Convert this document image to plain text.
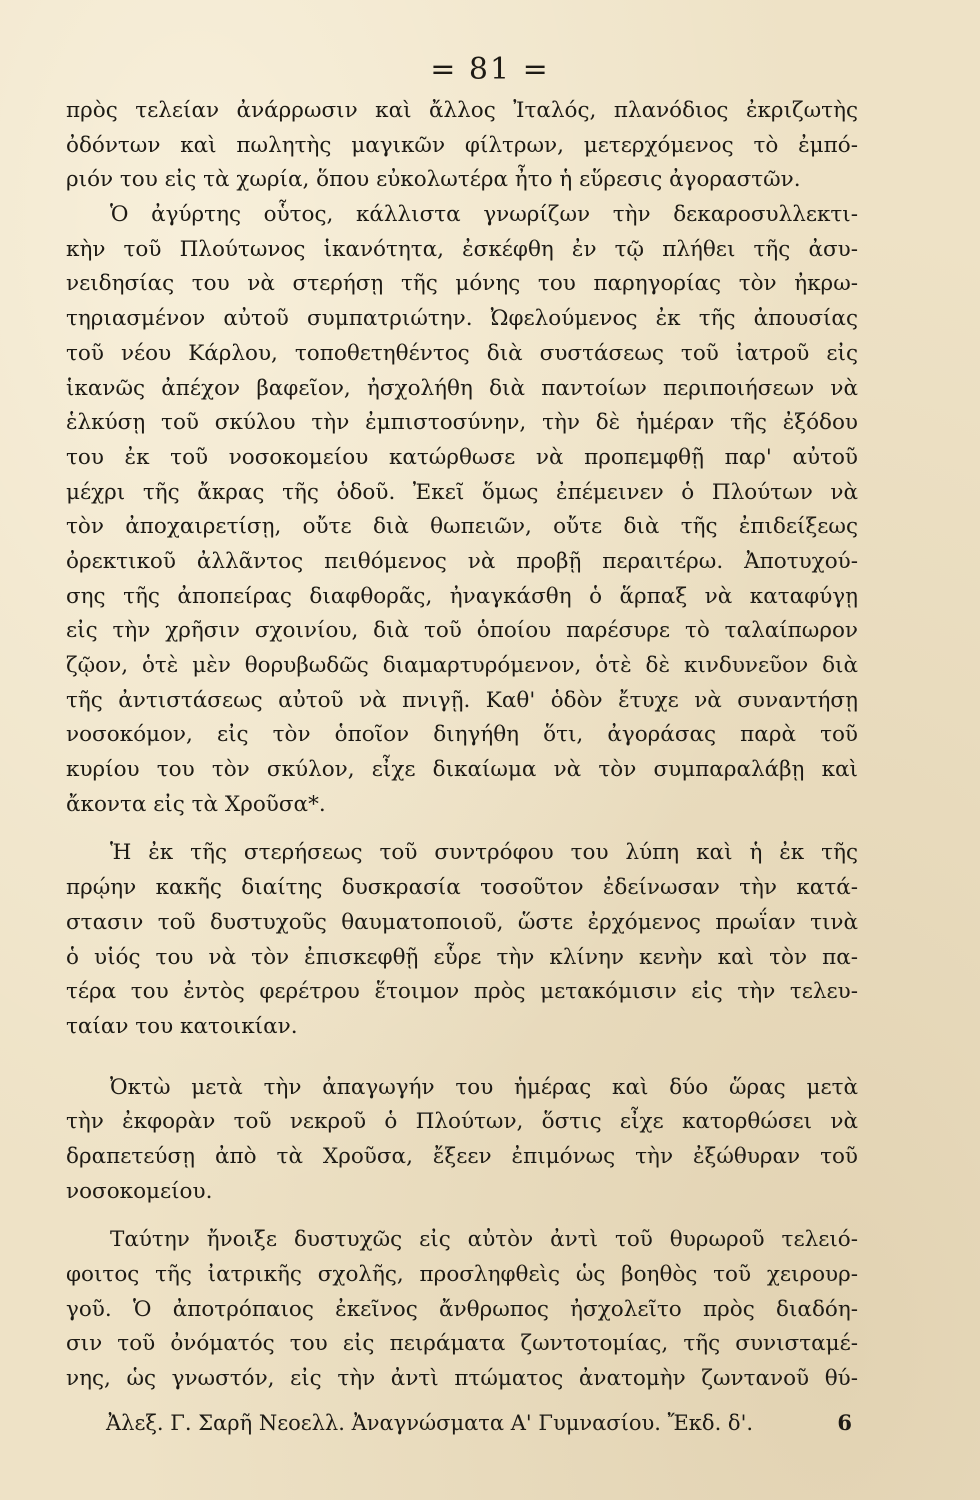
= 81 =
πρὸς τελείαν ἀνάρρωσιν καὶ ἄλλος Ἰταλός, πλανόδιος ἐκριζωτὴς
ὀδόντων καὶ πωλητὴς μαγικῶν φίλτρων, μετερχόμενος τὸ ἐμπό-
ριόν του εἰς τὰ χωρία, ὅπου εὐκολωτέρα ἦτο ἡ εὕρεσις ἀγοραστῶν.
Ὁ ἀγύρτης οὗτος, κάλλιστα γνωρίζων τὴν δεκαροσυλλεκτι-
κὴν τοῦ Πλούτωνος ἱκανότητα, ἐσκέφθη ἐν τῷ πλήθει τῆς ἀσυ-
νειδησίας του νὰ στερήσῃ τῆς μόνης του παρηγορίας τὸν ἠκρω-
τηριασμένον αὐτοῦ συμπατριώτην. Ὠφελούμενος ἐκ τῆς ἀπουσίας
τοῦ νέου Κάρλου, τοποθετηθέντος διὰ συστάσεως τοῦ ἰατροῦ εἰς
ἱκανῶς ἀπέχον βαφεῖον, ἠσχολήθη διὰ παντοίων περιποιήσεων νὰ
ἑλκύσῃ τοῦ σκύλου τὴν ἐμπιστοσύνην, τὴν δὲ ἡμέραν τῆς ἐξόδου
του ἐκ τοῦ νοσοκομείου κατώρθωσε νὰ προπεμφθῇ παρ' αὐτοῦ
μέχρι τῆς ἄκρας τῆς ὁδοῦ. Ἐκεῖ ὅμως ἐπέμεινεν ὁ Πλούτων νὰ
τὸν ἀποχαιρετίσῃ, οὔτε διὰ θωπειῶν, οὔτε διὰ τῆς ἐπιδείξεως
ὀρεκτικοῦ ἀλλᾶντος πειθόμενος νὰ προβῇ περαιτέρω. Ἀποτυχού-
σης τῆς ἀποπείρας διαφθορᾶς, ἠναγκάσθη ὁ ἅρπαξ νὰ καταφύγῃ
εἰς τὴν χρῆσιν σχοινίου, διὰ τοῦ ὁποίου παρέσυρε τὸ ταλαίπωρον
ζῷον, ὁτὲ μὲν θορυβωδῶς διαμαρτυρόμενον, ὁτὲ δὲ κινδυνεῦον διὰ
τῆς ἀντιστάσεως αὐτοῦ νὰ πνιγῇ. Καθ' ὁδὸν ἔτυχε νὰ συναντήσῃ
νοσοκόμον, εἰς τὸν ὁποῖον διηγήθη ὅτι, ἀγοράσας παρὰ τοῦ
κυρίου του τὸν σκύλον, εἶχε δικαίωμα νὰ τὸν συμπαραλάβῃ καὶ
ἄκοντα εἰς τὰ Χροῦσα*.
Ἡ ἐκ τῆς στερήσεως τοῦ συντρόφου του λύπη καὶ ἡ ἐκ τῆς
πρῴην κακῆς διαίτης δυσκρασία τοσοῦτον ἐδείνωσαν τὴν κατά-
στασιν τοῦ δυστυχοῦς θαυματοποιοῦ, ὥστε ἐρχόμενος πρωΐαν τινὰ
ὁ υἱός του νὰ τὸν ἐπισκεφθῇ εὗρε τὴν κλίνην κενὴν καὶ τὸν πα-
τέρα του ἐντὸς φερέτρου ἕτοιμον πρὸς μετακόμισιν εἰς τὴν τελευ-
ταίαν του κατοικίαν.
Ὀκτὼ μετὰ τὴν ἀπαγωγήν του ἡμέρας καὶ δύο ὥρας μετὰ
τὴν ἐκφορὰν τοῦ νεκροῦ ὁ Πλούτων, ὅστις εἶχε κατορθώσει νὰ
δραπετεύσῃ ἀπὸ τὰ Χροῦσα, ἔξεεν ἐπιμόνως τὴν ἐξώθυραν τοῦ
νοσοκομείου.
Ταύτην ἤνοιξε δυστυχῶς εἰς αὐτὸν ἀντὶ τοῦ θυρωροῦ τελειό-
φοιτος τῆς ἰατρικῆς σχολῆς, προσληφθεὶς ὡς βοηθὸς τοῦ χειρουρ-
γοῦ. Ὁ ἀποτρόπαιος ἐκεῖνος ἄνθρωπος ἠσχολεῖτο πρὸς διαδόη-
σιν τοῦ ὀνόματός του εἰς πειράματα ζωντοτομίας, τῆς συνισταμέ-
νης, ὡς γνωστόν, εἰς τὴν ἀντὶ πτώματος ἀνατομὴν ζωντανοῦ θύ-
Ἀλεξ. Γ. Σαρῆ Νεοελλ. Ἀναγνώσματα Α' Γυμνασίου. Ἔκδ. δ'.	6
